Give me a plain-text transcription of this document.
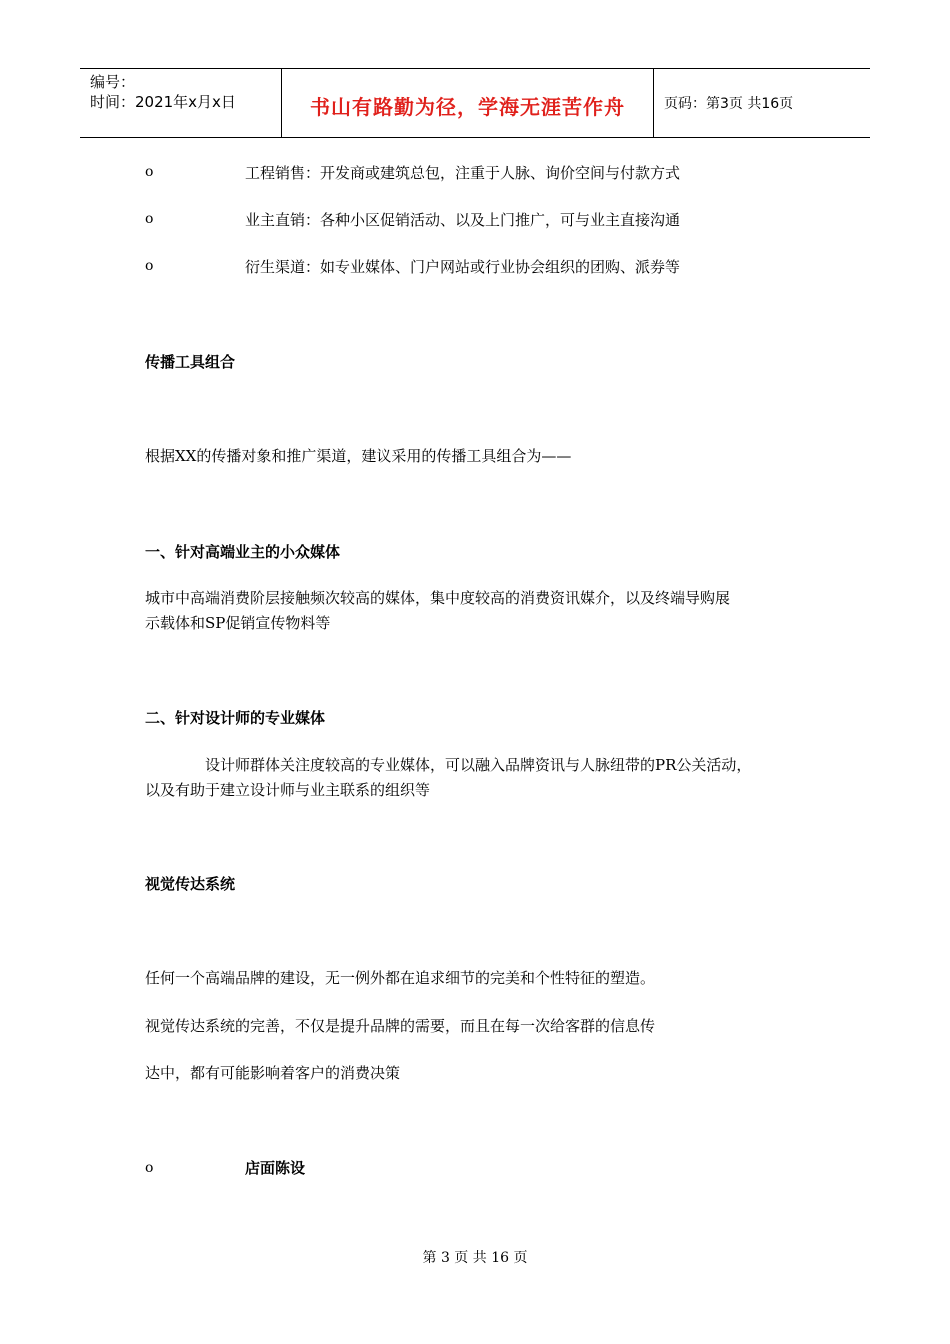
编号：
时间：2021年x月x日	书山有路勤为径，学海无涯苦作舟	页码：第3页 共16页
o	工程销售：开发商或建筑总包，注重于人脉、询价空间与付款方式
o	业主直销：各种小区促销活动、以及上门推广，可与业主直接沟通
o	衍生渠道：如专业媒体、门户网站或行业协会组织的团购、派券等
传播工具组合
根据XX的传播对象和推广渠道，建议采用的传播工具组合为——
一、针对高端业主的小众媒体
城市中高端消费阶层接触频次较高的媒体，集中度较高的消费资讯媒介，以及终端导购展
示载体和SP促销宣传物料等
二、针对设计师的专业媒体
设计师群体关注度较高的专业媒体，可以融入品牌资讯与人脉纽带的PR公关活动，
以及有助于建立设计师与业主联系的组织等
视觉传达系统
任何一个高端品牌的建设，无一例外都在追求细节的完美和个性特征的塑造。
视觉传达系统的完善，不仅是提升品牌的需要，而且在每一次给客群的信息传
达中，都有可能影响着客户的消费决策
o	店面陈设
第 3 页 共 16 页
